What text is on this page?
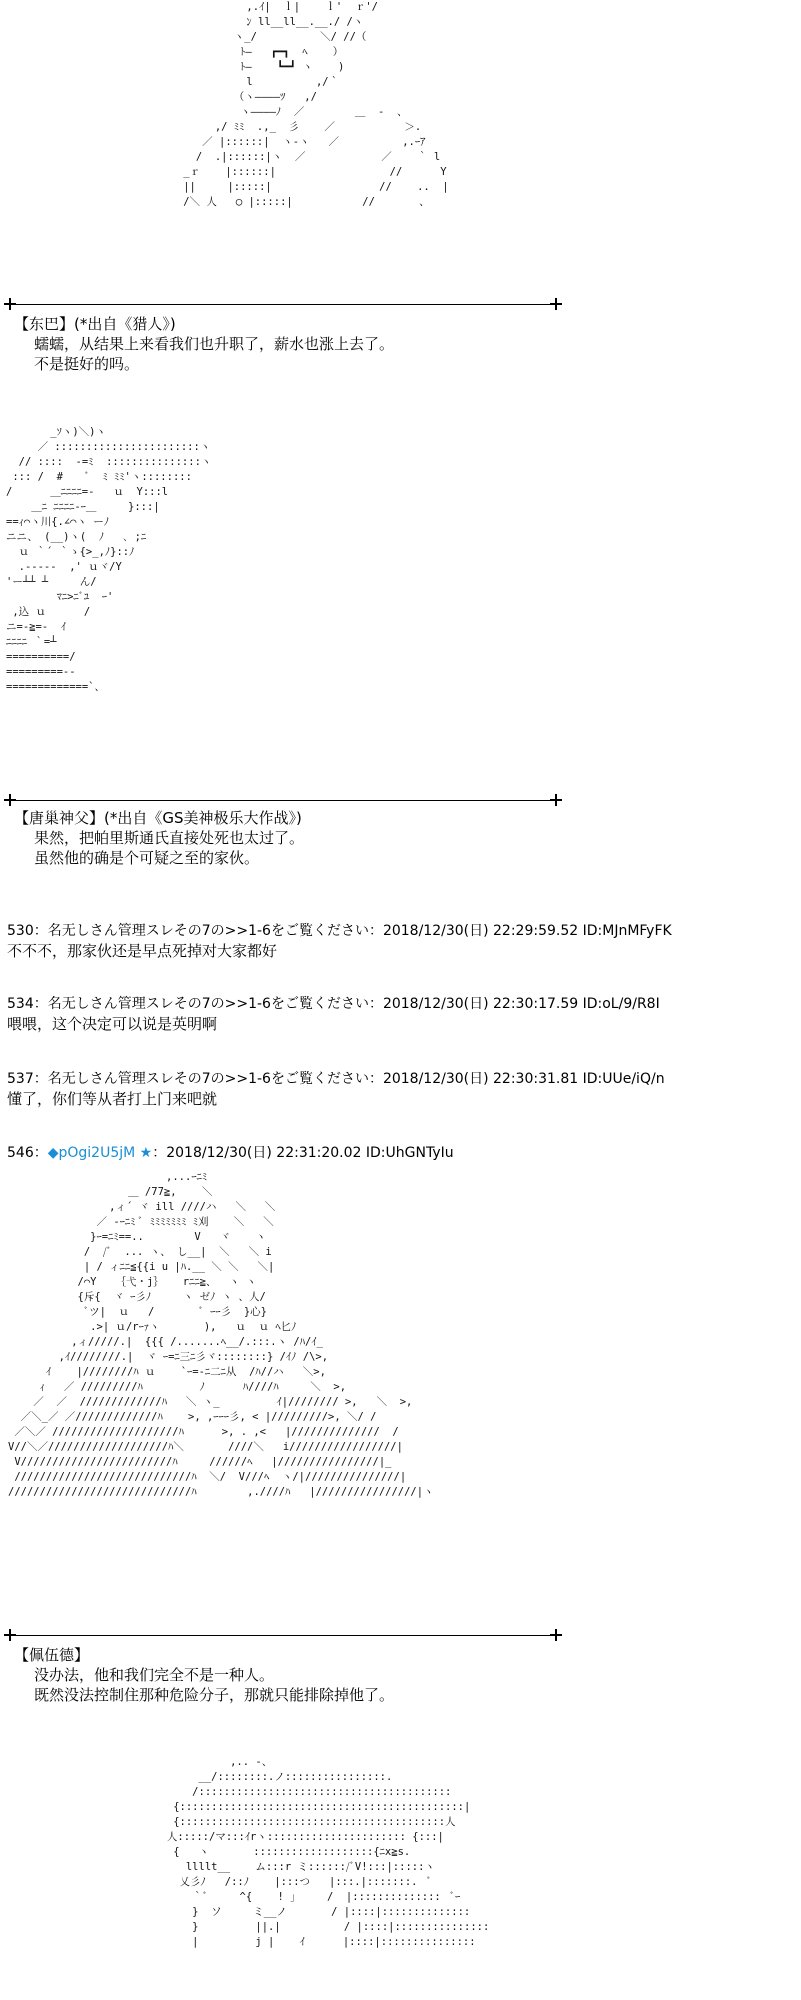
,.ｲ|  ｌ|    ｌ'  ｒ'/
ﾝ ll__ll__.__./ /ヽ
ヽ_/          ＼/ //（
ﾄ―   ┏━┓  ﾍ    ）
ﾄ―    ┗━┛ ヽ    )
l          ,/｀
（ヽ――――ﾂ   ,/
ヽ――――ﾉ  ／        ＿  -  、
,/ ﾐﾐ  .,_  彡    ／           ＞.
／ |::::::|  ヽ-ヽ   ／          ,.ｰｱ
/  .|::::::|ヽ  ／            ／    ｀ l
_ｒ    |::::::|                  //      Y
||     |:::::|                 //    ..  |
/＼ 人   ◯ |:::::|           //       、
【东巴】(*出自《猎人》)
蠕蠕，从结果上来看我们也升职了，薪水也涨上去了。
不是挺好的吗。
_ｿヽ)＼)ヽ
／ :::::::::::::::::::::::ヽ
// ::::  -=ﾐ  :::::::::::::::ヽ
::: /  #    ﾞ  ﾐ ﾐﾐ'ヽ::::::::
/      ＿ﾆﾆﾆﾆ=-   ｕ  Y:::l
＿ﾆ ﾆﾆﾆﾆ-ｰ＿     }:::|
==ｨ⌒ヽ川{.∠⌒ヽ ーﾉ
ニニ、 (__)ヽ(  ﾉ   ､ ;ﾆ
ｕ ｀´ ｀ゝ{>_,ﾉ}::ﾉ
.-----  ,' ｕヾ/Y
'ー┴┴ ┴     ん/
ﾏﾆ>ﾆﾞﾕ  ｰ'
,込 ｕ      /
ニ=-≧=-  ｲ
ﾆﾆﾆﾆ ｀=┴
==========/
=========--
=============`、
【唐巢神父】(*出自《GS美神极乐大作战》)
果然，把帕里斯通氏直接处死也太过了。
虽然他的确是个可疑之至的家伙。
530：名无しさん管理スレその7の>>1-6をご覧ください：2018/12/30(日) 22:29:59.52 ID:MJnMFyFK
不不不，那家伙还是早点死掉对大家都好
534：名无しさん管理スレその7の>>1-6をご覧ください：2018/12/30(日) 22:30:17.59 ID:oL/9/R8I
喂喂，这个决定可以说是英明啊
537：名无しさん管理スレその7の>>1-6をご覧ください：2018/12/30(日) 22:30:31.81 ID:UUe/iQ/n
懂了，你们等从者打上门来吧就
546：◆pOgi2U5jM ★：2018/12/30(日) 22:31:20.02 ID:UhGNTyIu
,...ｰﾆﾐ
＿ /77≧,    ＼
,ィ´ ヾ ill ////ハ   ＼   ＼
／ -ｰﾆﾐ ﾞ ﾐﾐﾐﾐﾐﾐﾐ ﾐ刈    ＼   ＼
}ｰ=ﾆﾐ==..        V   ヾ    ヽ
/  /ﾞ  ... ヽ、 し__|  ＼   ＼ i
| / ィﾆﾆ≦{{i u |ﾊ.__ ＼ ＼   ＼|
/⌒Y   ｛弋・j｝   rﾆﾆ≧、  ヽ ヽ
{斥{  ヾ ｰ彡ﾉ     ヽ ゼﾉ ヽ 、人/
ﾞツ|  ｕ   /       ﾞ ｰｰ彡  }心}
.>| ｕ/rｰｧヽ       ),   ｕ  ｕ ﾍ匕ﾉ
,ィ/////.|  {{{ /.......ﾍ__/.:::.ヽ /ﾊ/ｲ_
,ｲ////////.|  ヾ ｰ=ﾆ三ﾆ彡ヾ::::::::} /ｲﾉ /\>,
ｲ    |////////ﾊ ｕ    `ｰ=-ﾆ二ﾆ从  /ﾊ//ハ   ＼>,
ｨ   ／ /////////ﾊ         ﾉ      ﾊ////ﾊ     ＼  >,
／  ／  /////////////ﾊ   ＼ ヽ_         ｲ|//////// >,   ＼  >,
／＼_／ ／/////////////ﾊ    >, ,ｰｰｰ彡, < |/////////>, ＼/ /
／＼／ ////////////////////ﾊ      >, . ,<   |//////////////  /
V//＼／///////////////////ﾊ＼       ////＼   i/////////////////|
V////////////////////////ﾊ     //////ﾍ   |////////////////|_
////////////////////////////ﾊ  ＼/  V///ﾍ  ヽ/|///////////////|
/////////////////////////////ﾊ        ,.////ﾊ   |////////////////|ヽ
【佩伍德】
没办法，他和我们完全不是一种人。
既然没法控制住那种危险分子，那就只能排除掉他了。
,.. -、
__/::::::::.ノ::::::::::::::::.
/::::::::::::::::::::::::::::::::::::::::
{:::::::::::::::::::::::::::::::::::::::::::::|
{::::::::::::::::::::::::::::::::::::::::::人
人:::::/マ:::ｲrヽ:::::::::::::::::::::: {:::|
{   ヽ       :::::::::::::::::::{ﾆx≧s.
llllt__    ム:::r ミ::::::/ﾞV!:::|:::::ヽ
乂彡ﾉ   /::ﾉ    |:::つ   |:::.|:::::::.  ﾞ
｀ﾞ     ^{    ! ｣     /  |::::::::::::::  ﾞｰ
}  ソ     ミ__ノ       / |::::|::::::::::::::
}         ||.|          / |::::|:::::::::::::::
|         j |    ｲ      |::::|:::::::::::::::
